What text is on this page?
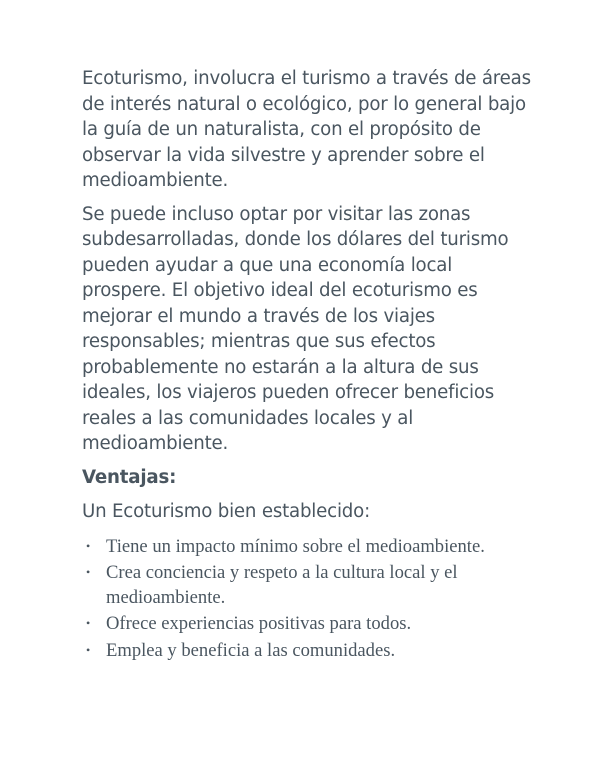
Ecoturismo, involucra el turismo a través de áreas de interés natural o ecológico, por lo general bajo la guía de un naturalista, con el propósito de observar la vida silvestre y aprender sobre el medioambiente.

Se puede incluso optar por visitar las zonas subdesarrolladas, donde los dólares del turismo pueden ayudar a que una economía local prospere. El objetivo ideal del ecoturismo es mejorar el mundo a través de los viajes responsables; mientras que sus efectos probablemente no estarán a la altura de sus ideales, los viajeros pueden ofrecer beneficios reales a las comunidades locales y al medioambiente.

Ventajas:
Un Ecoturismo bien establecido:
• Tiene un impacto mínimo sobre el medioambiente.
• Crea conciencia y respeto a la cultura local y el medioambiente.
• Ofrece experiencias positivas para todos.
• Emplea y beneficia a las comunidades.
